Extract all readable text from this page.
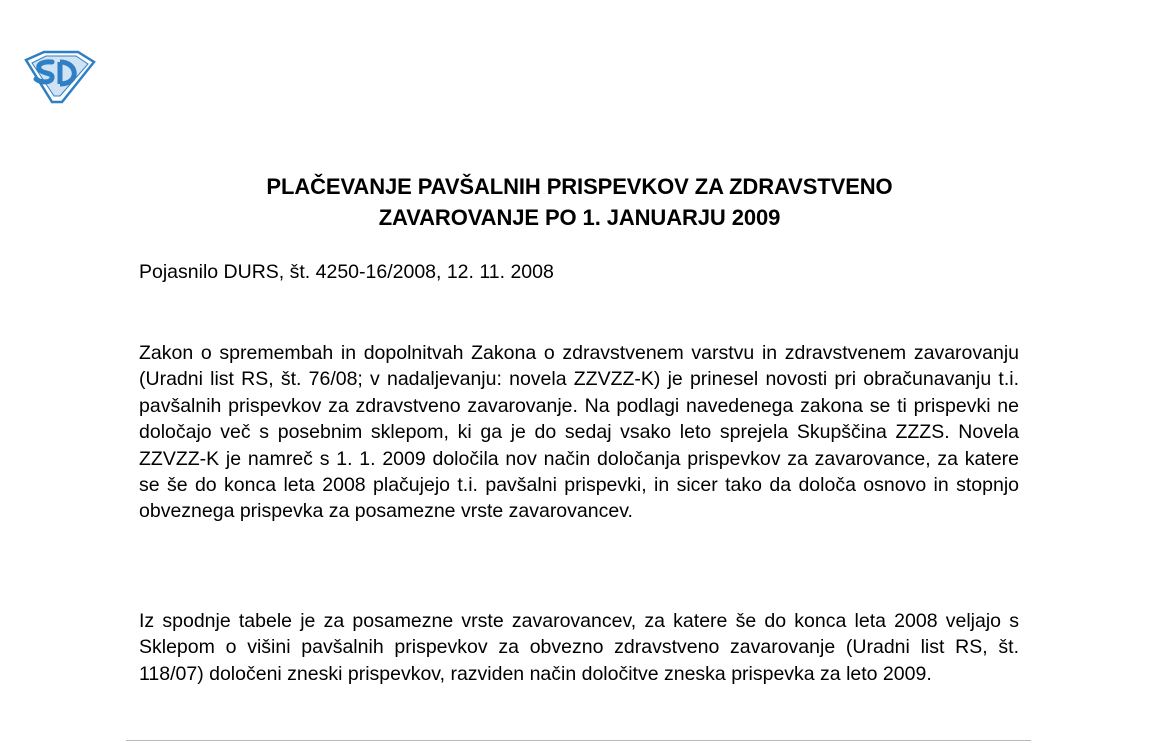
PLAČEVANJE PAVŠALNIH PRISPEVKOV ZA ZDRAVSTVENO
ZAVAROVANJE PO 1. JANUARJU 2009

Pojasnilo DURS, št. 4250-16/2008, 12. 11. 2008

Zakon o spremembah in dopolnitvah Zakona o zdravstvenem varstvu in zdravstvenem zavarovanju (Uradni list RS, št. 76/08; v nadaljevanju: novela ZZVZZ-K) je prinesel novosti pri obračunavanju t.i. pavšalnih prispevkov za zdravstveno zavarovanje. Na podlagi navedenega zakona se ti prispevki ne določajo več s posebnim sklepom, ki ga je do sedaj vsako leto sprejela Skupščina ZZZS. Novela ZZVZZ-K je namreč s 1. 1. 2009 določila nov način določanja prispevkov za zavarovance, za katere se še do konca leta 2008 plačujejo t.i. pavšalni prispevki, in sicer tako da določa osnovo in stopnjo obveznega prispevka za posamezne vrste zavarovancev.

Iz spodnje tabele je za posamezne vrste zavarovancev, za katere še do konca leta 2008 veljajo s Sklepom o višini pavšalnih prispevkov za obvezno zdravstveno zavarovanje (Uradni list RS, št. 118/07) določeni zneski prispevkov, razviden način določitve zneska prispevka za leto 2009.
